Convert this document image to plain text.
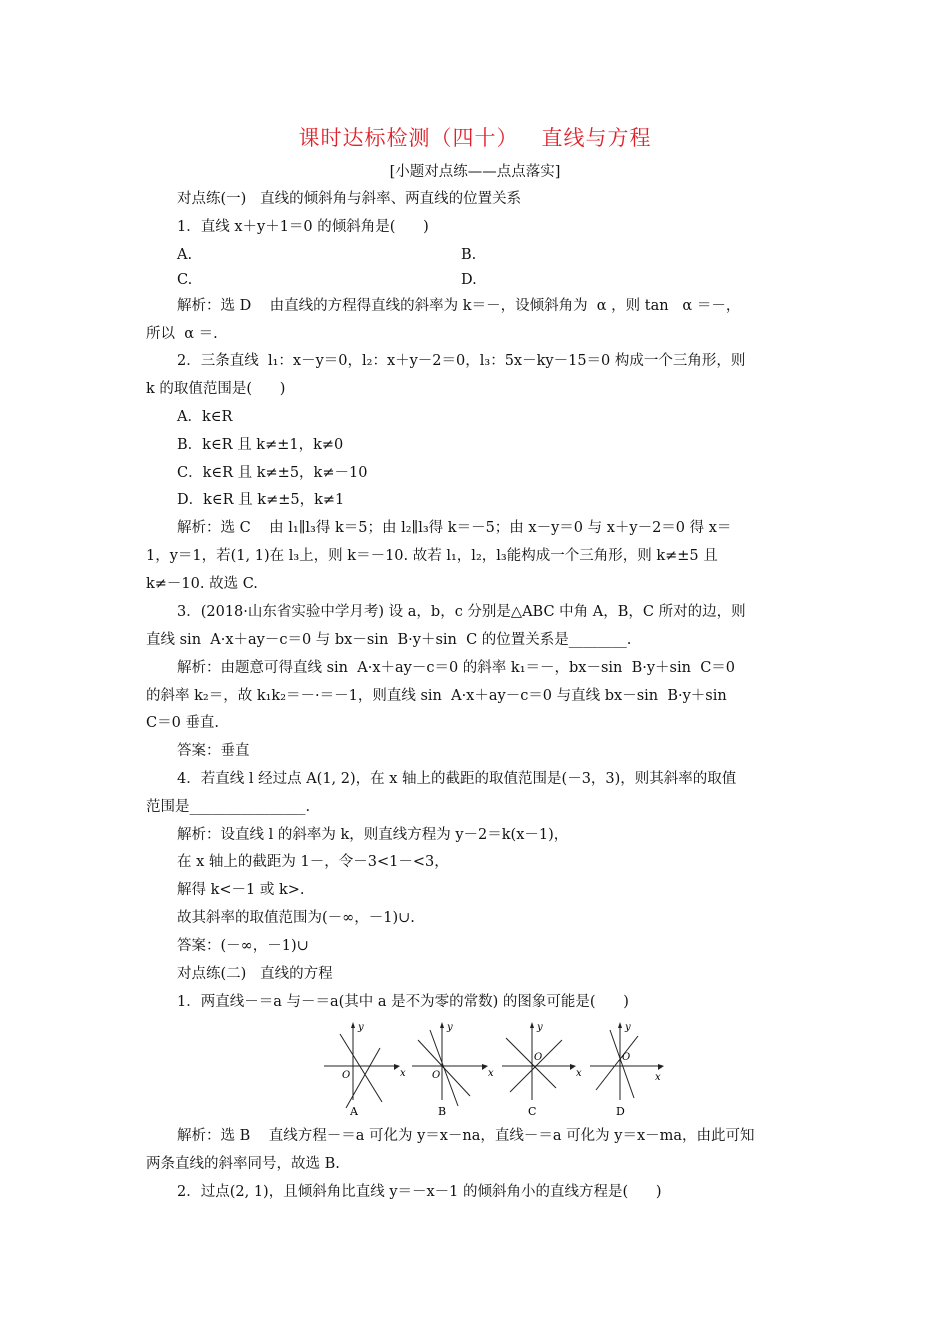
课时达标检测（四十）   直线与方程
[小题对点练——点点落实]
对点练(一)   直线的倾斜角与斜率、两直线的位置关系
1．直线 x＋y＋1＝0 的倾斜角是(      )
A.	B.
C.	D.
解析：选 D    由直线的方程得直线的斜率为 k＝－，设倾斜角为  α ，则 tan   α ＝－，
所以  α ＝.
2．三条直线  l₁：x－y＝0，l₂：x＋y－2＝0，l₃：5x－ky－15＝0 构成一个三角形，则
k 的取值范围是(      )
A．k∈R
B．k∈R 且 k≠±1，k≠0
C．k∈R 且 k≠±5，k≠－10
D．k∈R 且 k≠±5，k≠1
解析：选 C    由 l₁∥l₃得 k＝5；由 l₂∥l₃得 k＝－5；由 x－y＝0 与 x＋y－2＝0 得 x＝
1，y＝1，若(1, 1)在 l₃上，则 k＝－10. 故若 l₁，l₂，l₃能构成一个三角形，则 k≠±5 且
k≠－10. 故选 C.
3．(2018·山东省实验中学月考) 设 a，b，c 分别是△ABC 中角 A，B，C 所对的边，则
直线 sin  A·x＋ay－c＝0 与 bx－sin  B·y＋sin  C 的位置关系是________.
解析：由题意可得直线 sin  A·x＋ay－c＝0 的斜率 k₁＝－，bx－sin  B·y＋sin  C＝0
的斜率 k₂＝，故 k₁k₂＝－·＝－1，则直线 sin  A·x＋ay－c＝0 与直线 bx－sin  B·y＋sin
C＝0 垂直.
答案：垂直
4．若直线 l 经过点 A(1, 2)，在 x 轴上的截距的取值范围是(－3，3)，则其斜率的取值
范围是________________.
解析：设直线 l 的斜率为 k，则直线方程为 y－2＝k(x－1)，
在 x 轴上的截距为 1－，令－3<1－<3，
解得 k<－1 或 k>.
故其斜率的取值范围为(－∞，－1)∪.
答案：(－∞，－1)∪
对点练(二)   直线的方程
1．两直线－＝a 与－＝a(其中 a 是不为零的常数) 的图象可能是(      )
y
x
O
A
y
x
O
B
y
x
O
C
y
x
O
D
解析：选 B    直线方程－＝a 可化为 y＝x－na，直线－＝a 可化为 y＝x－ma，由此可知
两条直线的斜率同号，故选 B.
2．过点(2, 1)，且倾斜角比直线 y＝－x－1 的倾斜角小的直线方程是(      )
